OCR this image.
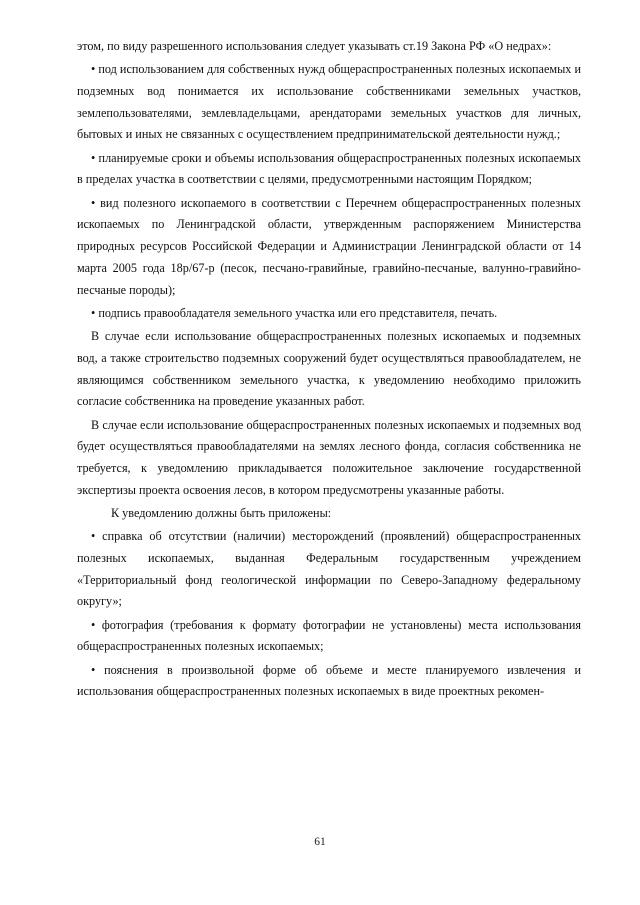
этом, по виду разрешенного использования следует указывать ст.19 Закона РФ «О недрах»:

• под использованием для собственных нужд общераспространенных полезных ископаемых и подземных вод понимается их использование собственниками земельных участков, землепользователями, землевладельцами, арендаторами земельных участков для личных, бытовых и иных не связанных с осуществлением предпринимательской деятельности нужд.;

• планируемые сроки и объемы использования общераспространенных полезных ископаемых в пределах участка в соответствии с целями, предусмотренными настоящим Порядком;

• вид полезного ископаемого в соответствии с Перечнем общераспространенных полезных ископаемых по Ленинградской области, утвержденным распоряжением Министерства природных ресурсов Российской Федерации и Администрации Ленинградской области от 14 марта 2005 года 18р/67-р (песок, песчано-гравийные, гравийно-песчаные, валунно-гравийно-песчаные породы);

• подпись правообладателя земельного участка или его представителя, печать.

В случае если использование общераспространенных полезных ископаемых и подземных вод, а также строительство подземных сооружений будет осуществляться правообладателем, не являющимся собственником земельного участка, к уведомлению необходимо приложить согласие собственника на проведение указанных работ.

В случае если использование общераспространенных полезных ископаемых и подземных вод будет осуществляться правообладателями на землях лесного фонда, согласия собственника не требуется, к уведомлению прикладывается положительное заключение государственной экспертизы проекта освоения лесов, в котором предусмотрены указанные работы.

К уведомлению должны быть приложены:

• справка об отсутствии (наличии) месторождений (проявлений) общераспространенных полезных ископаемых, выданная Федеральным государственным учреждением «Территориальный фонд геологической информации по Северо-Западному федеральному округу»;

• фотография (требования к формату фотографии не установлены) места использования общераспространенных полезных ископаемых;

• пояснения в произвольной форме об объеме и месте планируемого извлечения и использования общераспространенных полезных ископаемых в виде проектных рекомен-

61
